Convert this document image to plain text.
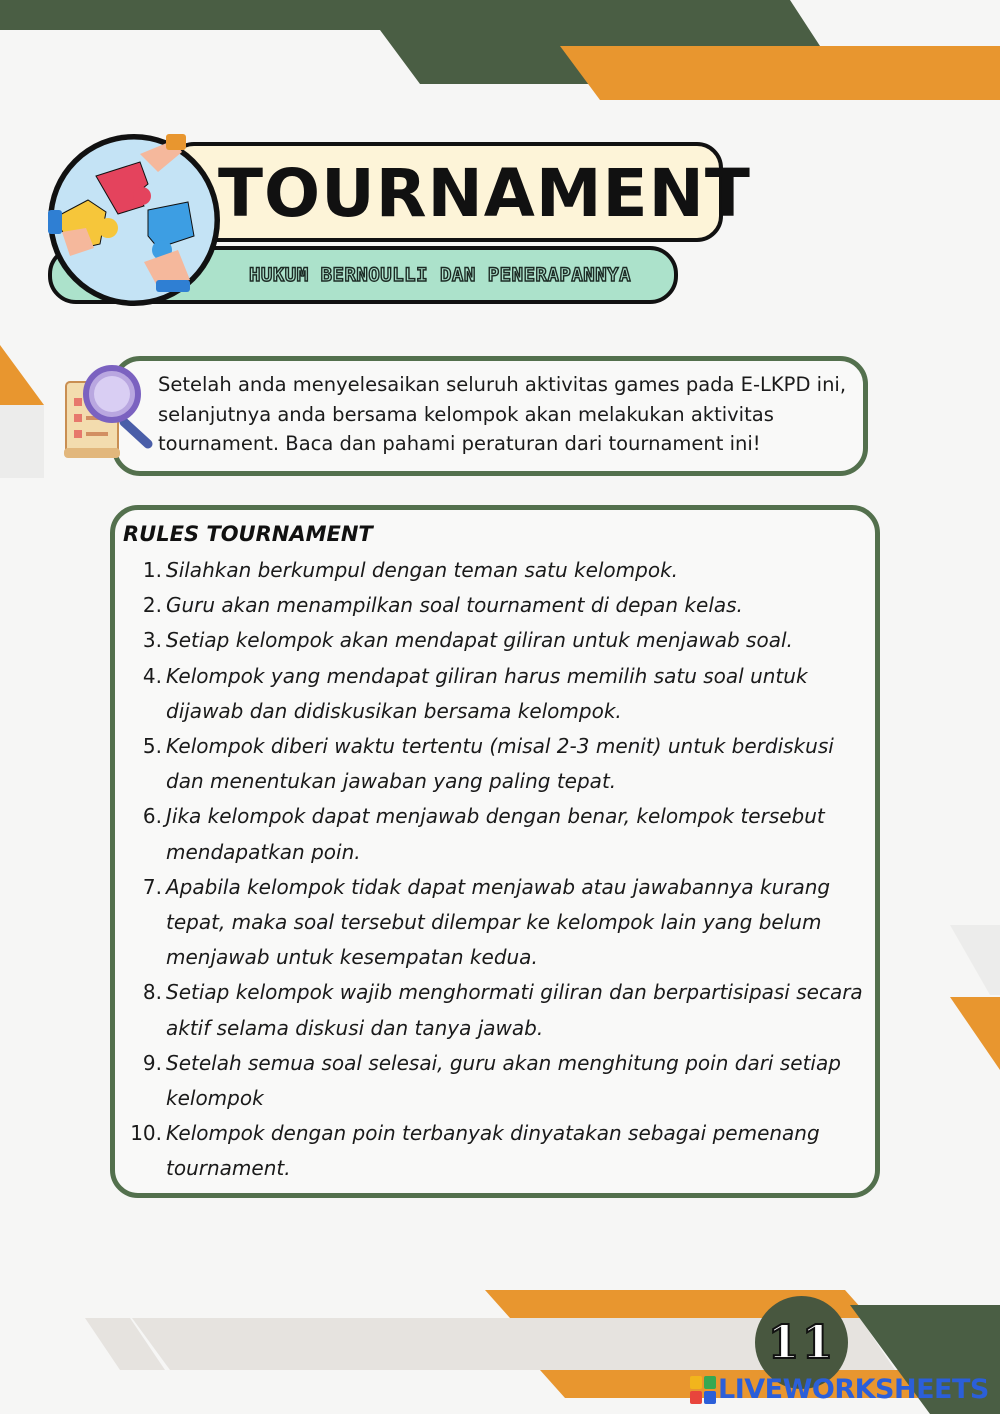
TOURNAMENT
HUKUM BERNOULLI DAN PENERAPANNYA
Setelah anda menyelesaikan seluruh aktivitas games pada E-LKPD ini, selanjutnya anda bersama kelompok akan melakukan aktivitas tournament. Baca dan pahami peraturan dari tournament ini!
RULES TOURNAMENT
1. Silahkan berkumpul dengan teman satu kelompok.
2. Guru akan menampilkan soal tournament di depan kelas.
3. Setiap kelompok akan mendapat giliran untuk menjawab soal.
4. Kelompok yang mendapat giliran harus memilih satu soal untuk dijawab dan didiskusikan bersama kelompok.
5. Kelompok diberi waktu tertentu (misal 2-3 menit) untuk berdiskusi dan menentukan jawaban yang paling tepat.
6. Jika kelompok dapat menjawab dengan benar, kelompok tersebut mendapatkan poin.
7. Apabila kelompok tidak dapat menjawab atau jawabannya kurang tepat, maka soal tersebut dilempar ke kelompok lain yang belum menjawab untuk kesempatan kedua.
8. Setiap kelompok wajib menghormati giliran dan berpartisipasi secara aktif selama diskusi dan tanya jawab.
9. Setelah semua soal selesai, guru akan menghitung poin dari setiap kelompok
10. Kelompok dengan poin terbanyak dinyatakan sebagai pemenang tournament.
11
LIVEWORKSHEETS
